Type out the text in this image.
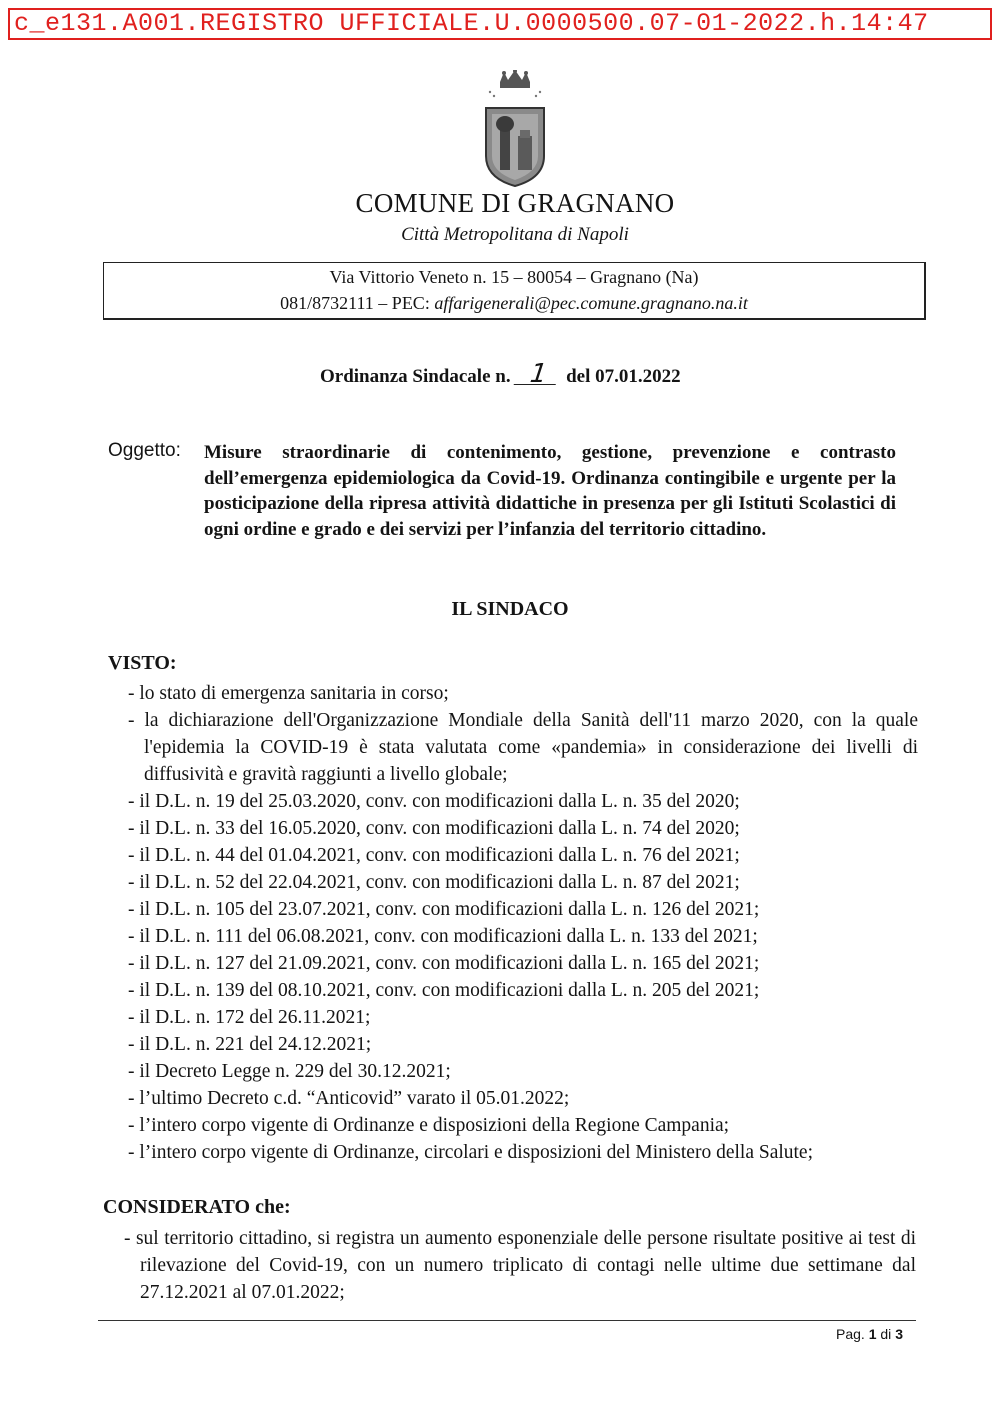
c_e131.A001.REGISTRO UFFICIALE.U.0000500.07-01-2022.h.14:47
COMUNE DI GRAGNANO
Città Metropolitana di Napoli
Via Vittorio Veneto n. 15 – 80054 – Gragnano (Na)
081/8732111 – PEC: affarigenerali@pec.comune.gragnano.na.it
Ordinanza Sindacale n. 1 del 07.01.2022
Oggetto: Misure straordinarie di contenimento, gestione, prevenzione e contrasto dell’emergenza epidemiologica da Covid-19. Ordinanza contingibile e urgente per la posticipazione della ripresa attività didattiche in presenza per gli Istituti Scolastici di ogni ordine e grado e dei servizi per l’infanzia del territorio cittadino.
IL SINDACO
VISTO:
- lo stato di emergenza sanitaria in corso;
- la dichiarazione dell'Organizzazione Mondiale della Sanità dell'11 marzo 2020, con la quale l'epidemia la COVID-19 è stata valutata come «pandemia» in considerazione dei livelli di diffusività e gravità raggiunti a livello globale;
- il D.L. n. 19 del 25.03.2020, conv. con modificazioni dalla L. n. 35 del 2020;
- il D.L. n. 33 del 16.05.2020, conv. con modificazioni dalla L. n. 74 del 2020;
- il D.L. n. 44 del 01.04.2021, conv. con modificazioni dalla L. n. 76 del 2021;
- il D.L. n. 52 del 22.04.2021, conv. con modificazioni dalla L. n. 87 del 2021;
- il D.L. n. 105 del 23.07.2021, conv. con modificazioni dalla L. n. 126 del 2021;
- il D.L. n. 111 del 06.08.2021, conv. con modificazioni dalla L. n. 133 del 2021;
- il D.L. n. 127 del 21.09.2021, conv. con modificazioni dalla L. n. 165 del 2021;
- il D.L. n. 139 del 08.10.2021, conv. con modificazioni dalla L. n. 205 del 2021;
- il D.L. n. 172 del 26.11.2021;
- il D.L. n. 221 del 24.12.2021;
- il Decreto Legge n. 229 del 30.12.2021;
- l’ultimo Decreto c.d. “Anticovid” varato il 05.01.2022;
- l’intero corpo vigente di Ordinanze e disposizioni della Regione Campania;
- l’intero corpo vigente di Ordinanze, circolari e disposizioni del Ministero della Salute;
CONSIDERATO che:
- sul territorio cittadino, si registra un aumento esponenziale delle persone risultate positive ai test di rilevazione del Covid-19, con un numero triplicato di contagi nelle ultime due settimane dal 27.12.2021 al 07.01.2022;
Pag. 1 di 3
